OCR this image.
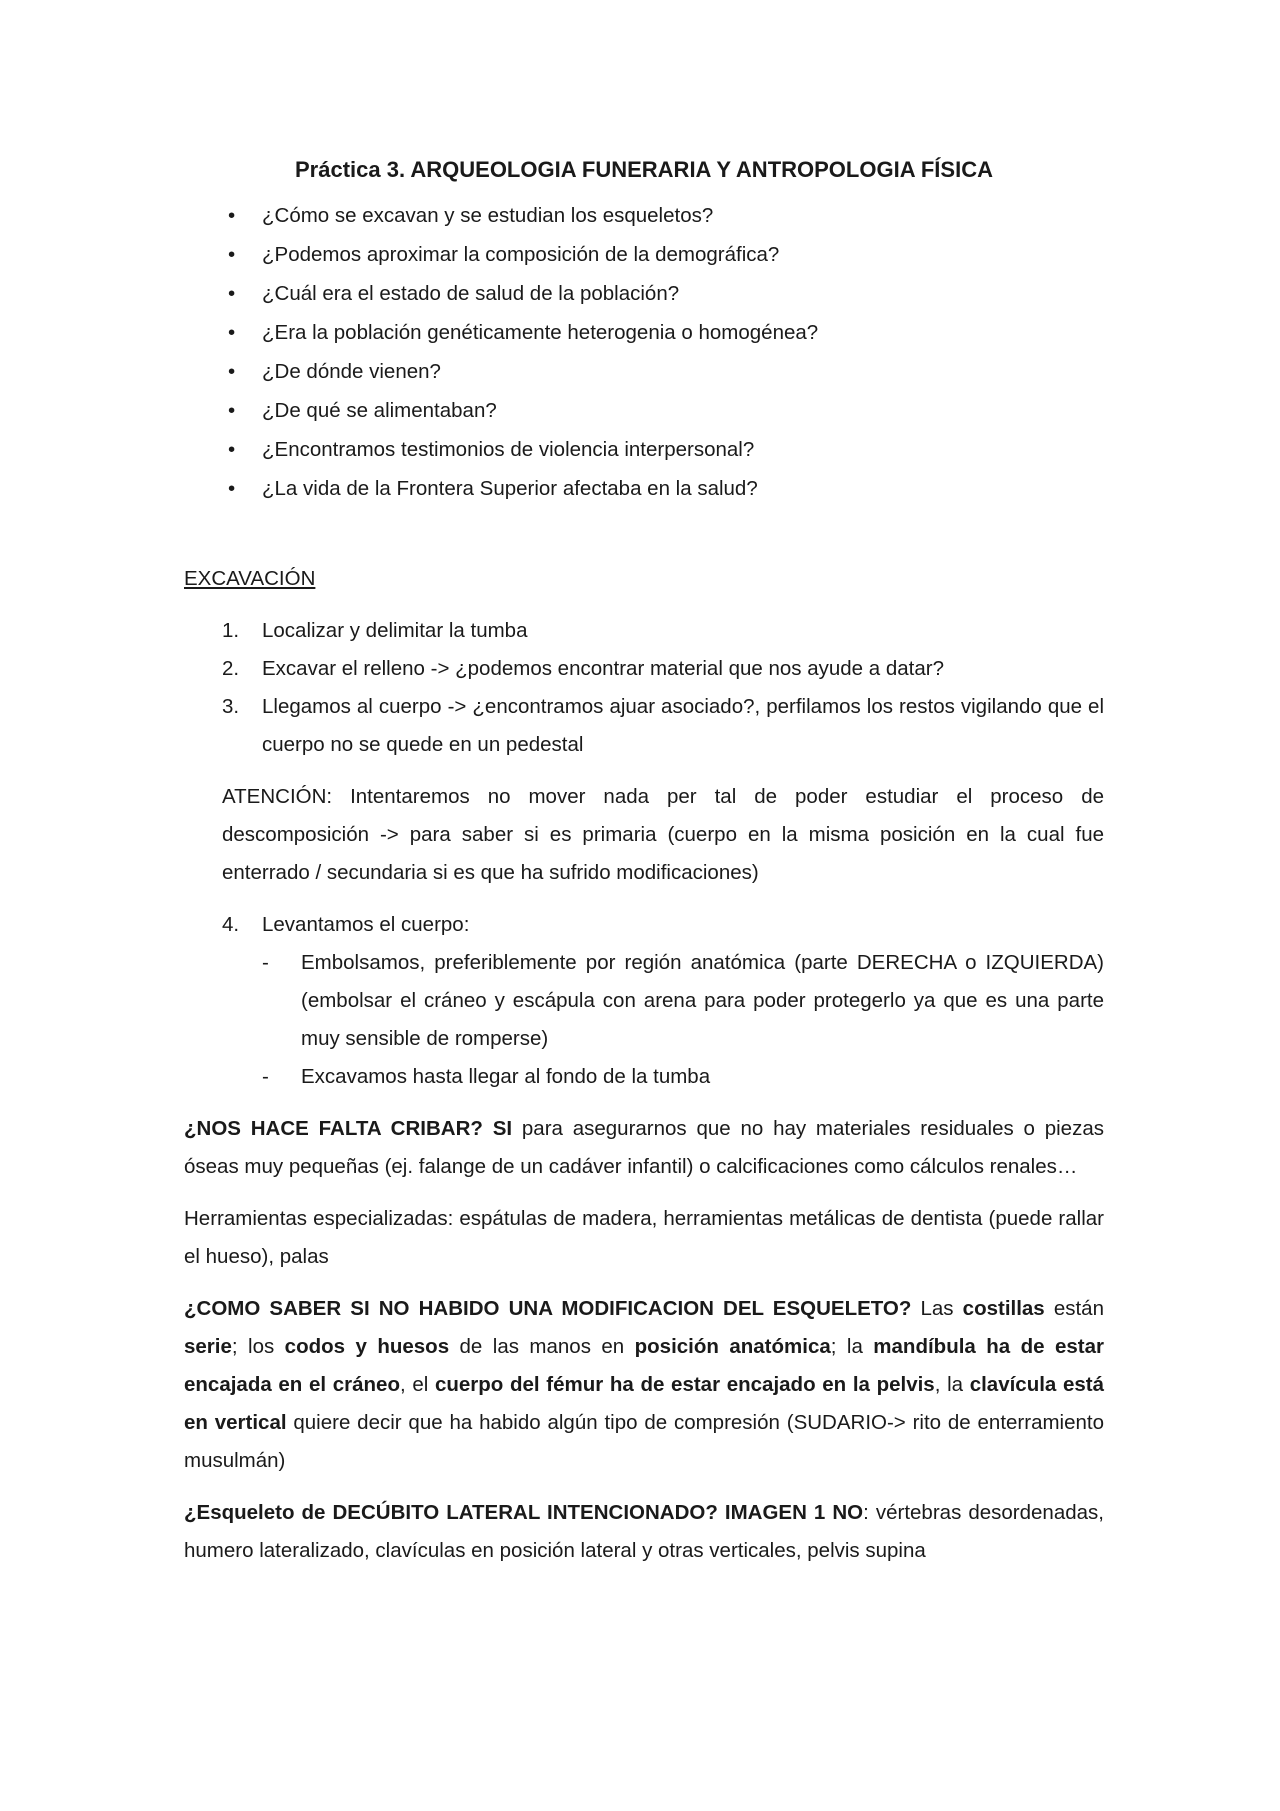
Práctica 3. ARQUEOLOGIA FUNERARIA Y ANTROPOLOGIA FÍSICA
• ¿Cómo se excavan y se estudian los esqueletos?
• ¿Podemos aproximar la composición de la demográfica?
• ¿Cuál era el estado de salud de la población?
• ¿Era la población genéticamente heterogenia o homogénea?
• ¿De dónde vienen?
• ¿De qué se alimentaban?
• ¿Encontramos testimonios de violencia interpersonal?
• ¿La vida de la Frontera Superior afectaba en la salud?
EXCAVACIÓN
1. Localizar y delimitar la tumba
2. Excavar el relleno -> ¿podemos encontrar material que nos ayude a datar?
3. Llegamos al cuerpo -> ¿encontramos ajuar asociado?, perfilamos los restos vigilando que el cuerpo no se quede en un pedestal
ATENCIÓN: Intentaremos no mover nada per tal de poder estudiar el proceso de descomposición -> para saber si es primaria (cuerpo en la misma posición en la cual fue enterrado / secundaria si es que ha sufrido modificaciones)
4. Levantamos el cuerpo:
- Embolsamos, preferiblemente por región anatómica (parte DERECHA o IZQUIERDA) (embolsar el cráneo y escápula con arena para poder protegerlo ya que es una parte muy sensible de romperse)
- Excavamos hasta llegar al fondo de la tumba
¿NOS HACE FALTA CRIBAR? SI para asegurarnos que no hay materiales residuales o piezas óseas muy pequeñas (ej. falange de un cadáver infantil) o calcificaciones como cálculos renales…
Herramientas especializadas: espátulas de madera, herramientas metálicas de dentista (puede rallar el hueso), palas
¿COMO SABER SI NO HABIDO UNA MODIFICACION DEL ESQUELETO? Las costillas están serie; los codos y huesos de las manos en posición anatómica; la mandíbula ha de estar encajada en el cráneo, el cuerpo del fémur ha de estar encajado en la pelvis, la clavícula está en vertical quiere decir que ha habido algún tipo de compresión (SUDARIO-> rito de enterramiento musulmán)
¿Esqueleto de DECÚBITO LATERAL INTENCIONADO? IMAGEN 1 NO: vértebras desordenadas, humero lateralizado, clavículas en posición lateral y otras verticales, pelvis supina
